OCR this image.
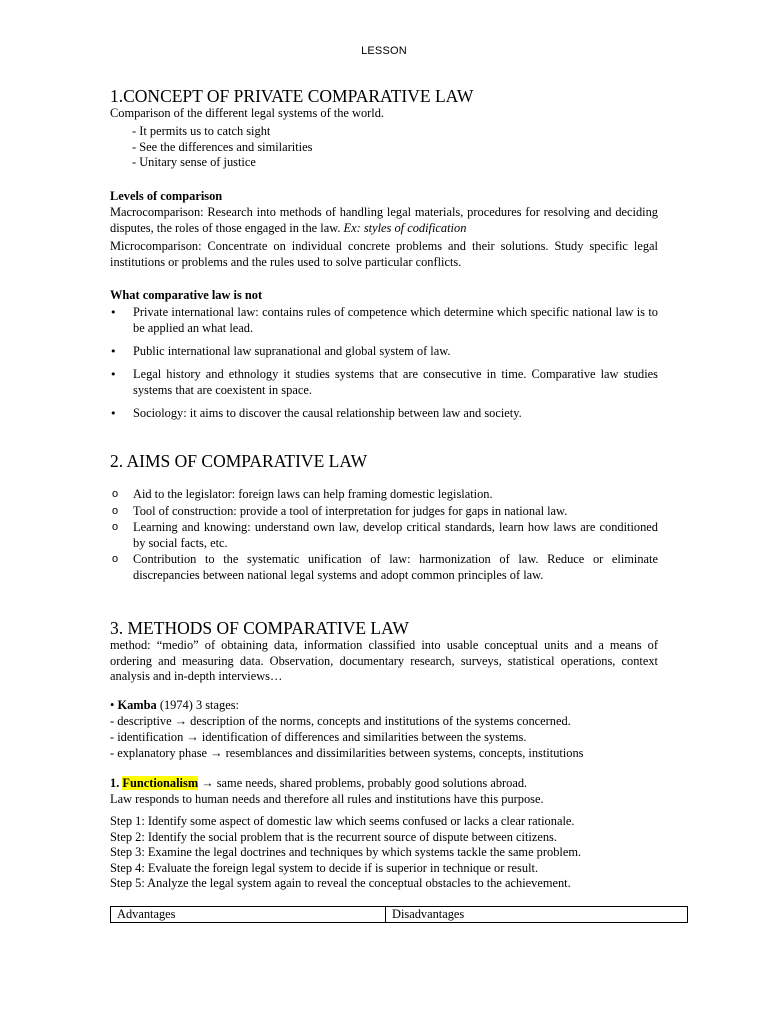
LESSON
1.CONCEPT OF PRIVATE COMPARATIVE LAW
Comparison of the different legal systems of the world.
- It permits us to catch sight
- See the differences and similarities
- Unitary sense of justice
Levels of comparison
Macrocomparison: Research into methods of handling legal materials, procedures for resolving and deciding disputes, the roles of those engaged in the law. Ex: styles of codification
Microcomparison: Concentrate on individual concrete problems and their solutions. Study specific legal institutions or problems and the rules used to solve particular conflicts.
What comparative law is not
•	Private international law: contains rules of competence which determine which specific national law is to be applied an what lead.
•	Public international law supranational and global system of law.
•	Legal history and ethnology it studies systems that are consecutive in time. Comparative law studies systems that are coexistent in space.
•	Sociology: it aims to discover the causal relationship between law and society.
2. AIMS OF COMPARATIVE LAW
o	Aid to the legislator: foreign laws can help framing domestic legislation.
o	Tool of construction: provide a tool of interpretation for judges for gaps in national law.
o	Learning and knowing: understand own law, develop critical standards, learn how laws are conditioned by social facts, etc.
o	Contribution to the systematic unification of law: harmonization of law. Reduce or eliminate discrepancies between national legal systems and adopt common principles of law.
3. METHODS OF COMPARATIVE LAW
method: “medio” of obtaining data, information classified into usable conceptual units and a means of ordering and measuring data. Observation, documentary research, surveys, statistical operations, context analysis and in-depth interviews…
• Kamba (1974) 3 stages:
- descriptive → description of the norms, concepts and institutions of the systems concerned.
- identification → identification of differences and similarities between the systems.
- explanatory phase → resemblances and dissimilarities between systems, concepts, institutions
1. Functionalism → same needs, shared problems, probably good solutions abroad.
Law responds to human needs and therefore all rules and institutions have this purpose.
Step 1: Identify some aspect of domestic law which seems confused or lacks a clear rationale.
Step 2: Identify the social problem that is the recurrent source of dispute between citizens.
Step 3: Examine the legal doctrines and techniques by which systems tackle the same problem.
Step 4: Evaluate the foreign legal system to decide if is superior in technique or result.
Step 5: Analyze the legal system again to reveal the conceptual obstacles to the achievement.
Advantages	Disadvantages
